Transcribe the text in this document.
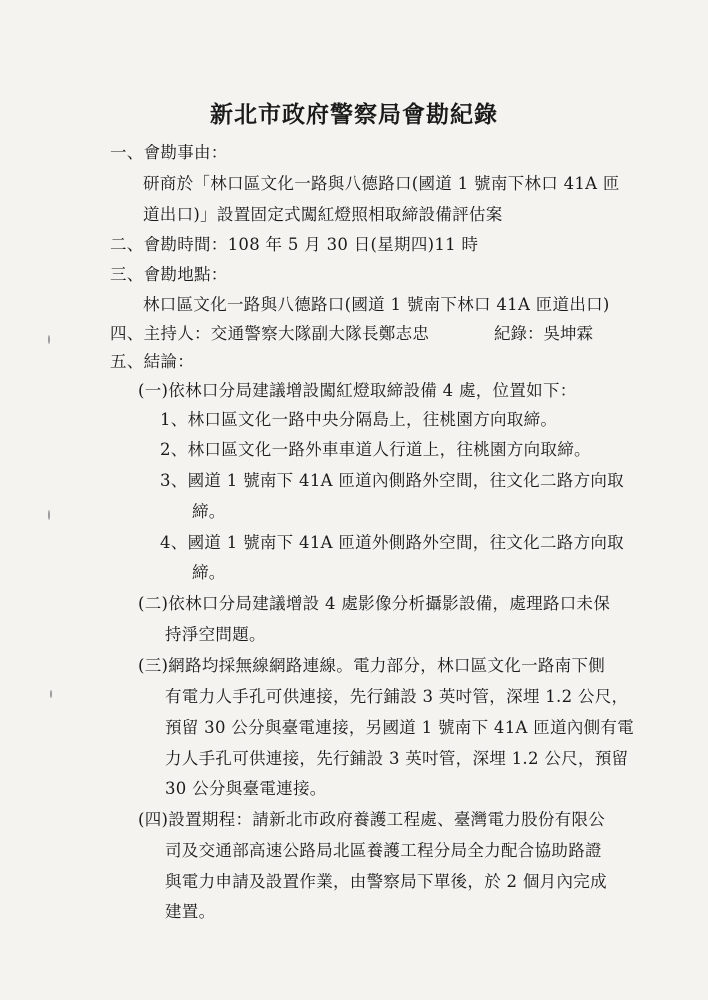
新北市政府警察局會勘紀錄
一、會勘事由：
研商於「林口區文化一路與八德路口(國道 1 號南下林口 41A 匝
道出口)」設置固定式闖紅燈照相取締設備評估案
二、會勘時間：108 年 5 月 30 日(星期四)11 時
三、會勘地點：
林口區文化一路與八德路口(國道 1 號南下林口 41A 匝道出口)
四、主持人：交通警察大隊副大隊長鄭志忠	紀錄：吳坤霖
五、結論：
(一)依林口分局建議增設闖紅燈取締設備 4 處，位置如下：
1、林口區文化一路中央分隔島上，往桃園方向取締。
2、林口區文化一路外車車道人行道上，往桃園方向取締。
3、國道 1 號南下 41A 匝道內側路外空間，往文化二路方向取
締。
4、國道 1 號南下 41A 匝道外側路外空間，往文化二路方向取
締。
(二)依林口分局建議增設 4 處影像分析攝影設備，處理路口未保
持淨空問題。
(三)網路均採無線網路連線。電力部分，林口區文化一路南下側
有電力人手孔可供連接，先行鋪設 3 英吋管，深埋 1.2 公尺，
預留 30 公分與臺電連接，另國道 1 號南下 41A 匝道內側有電
力人手孔可供連接，先行鋪設 3 英吋管，深埋 1.2 公尺，預留
30 公分與臺電連接。
(四)設置期程：請新北市政府養護工程處、臺灣電力股份有限公
司及交通部高速公路局北區養護工程分局全力配合協助路證
與電力申請及設置作業，由警察局下單後，於 2 個月內完成
建置。
